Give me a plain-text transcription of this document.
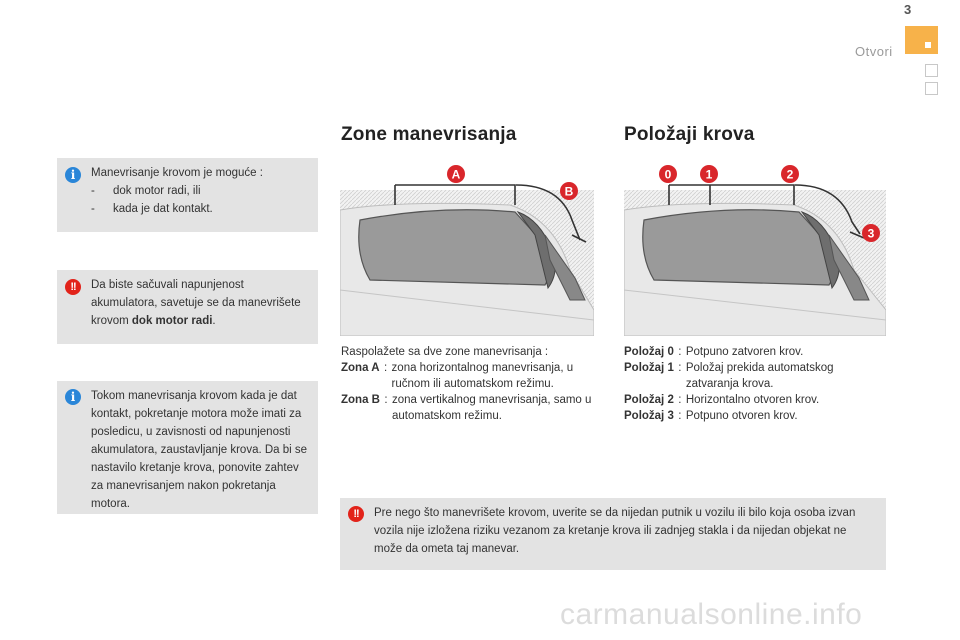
3
Otvori
i	Manevrisanje krovom je moguće :
-	dok motor radi, ili
-	kada je dat kontakt.
!!	Da biste sačuvali napunjenost akumulatora, savetuje se da manevrišete krovom dok motor radi.
i	Tokom manevrisanja krovom kada je dat kontakt, pokretanje motora može imati za posledicu, u zavisnosti od napunjenosti akumulatora, zaustavljanje krova. Da bi se nastavilo kretanje krova, ponovite zahtev za manevrisanjem nakon pokretanja motora.
Zone manevrisanja
A
B
Raspolažete sa dve zone manevrisanja :
Zona A : zona horizontalnog manevrisanja, u ručnom ili automatskom režimu.
Zona B : zona vertikalnog manevrisanja, samo u automatskom režimu.
Položaji krova
0	1	2
3
Položaj 0 : Potpuno zatvoren krov.
Položaj 1 : Položaj prekida automatskog zatvaranja krova.
Položaj 2 : Horizontalno otvoren krov.
Položaj 3 : Potpuno otvoren krov.
!!	Pre nego što manevrišete krovom, uverite se da nijedan putnik u vozilu ili bilo koja osoba izvan vozila nije izložena riziku vezanom za kretanje krova ili zadnjeg stakla i da nijedan objekat ne može da ometa taj manevar.
carmanualsonline.info
